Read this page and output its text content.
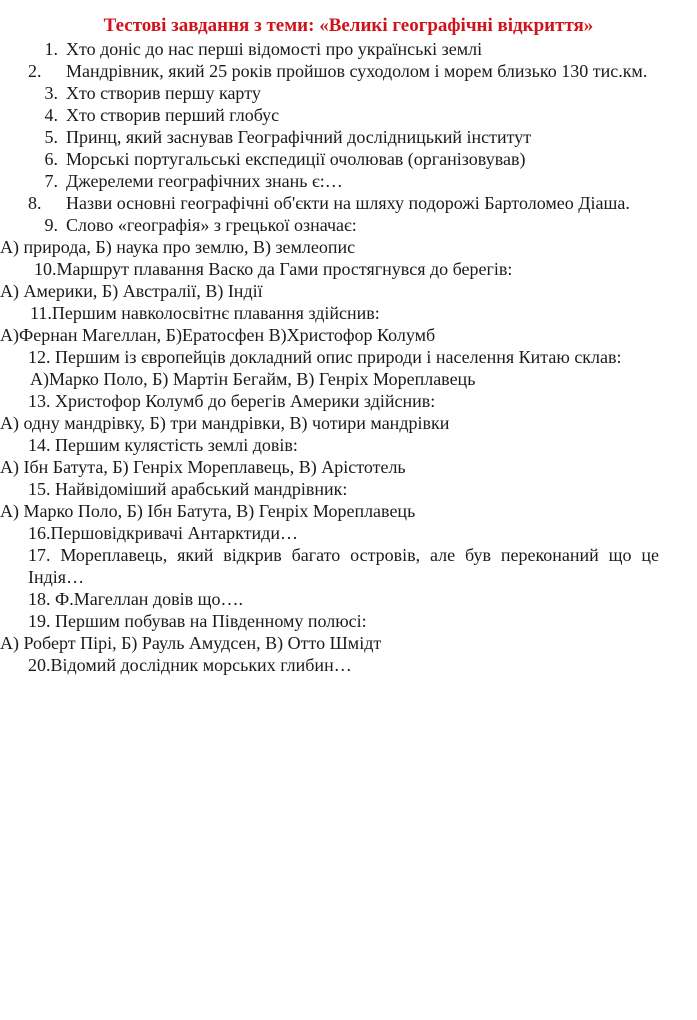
Тестові завдання з теми: «Великі географічні відкриття»

1. Хто доніс до нас перші відомості про українські землі

2.	Мандрівник, який 25 років пройшов суходолом і морем близько 130 тис.км.

3. Хто створив першу карту

4. Хто створив перший глобус

5. Принц, який заснував Географічний дослідницький інститут

6. Морські португальські експедиції очолював (організовував)

7. Джерелеми географічних знань є:…

8.	Назви основні географічні об'єкти на шляху подорожі Бартоломео Діаша.

9. Слово «географія» з грецької означає:

А) природа, Б) наука про землю, В) землеопис

10.Маршрут плавання Васко да Гами простягнувся до берегів:

А) Америки, Б) Австралії, В) Індії

11.Першим навколосвітнє плавання здійснив:

А)Фернан Магеллан, Б)Ератосфен В)Христофор Колумб

12. Першим із європейців докладний опис природи і населення Китаю склав:

А)Марко Поло, Б) Мартін Бегайм, В) Генріх Мореплавець

13. Христофор Колумб до берегів Америки здійснив:

А) одну мандрівку, Б) три мандрівки, В) чотири мандрівки

14. Першим кулястість землі довів:

А) Ібн Батута, Б) Генріх Мореплавець, В) Арістотель

15. Найвідоміший арабський мандрівник:

А) Марко Поло, Б) Ібн Батута, В) Генріх Мореплавець

16.Першовідкривачі Антарктиди…

17. Мореплавець, який відкрив багато островів, але був переконаний що це Індія…

18. Ф.Магеллан довів що….

19. Першим побував на Південному полюсі:

А) Роберт Пірі, Б) Рауль Амудсен, В) Отто Шмідт

20.Відомий дослідник морських глибин…
